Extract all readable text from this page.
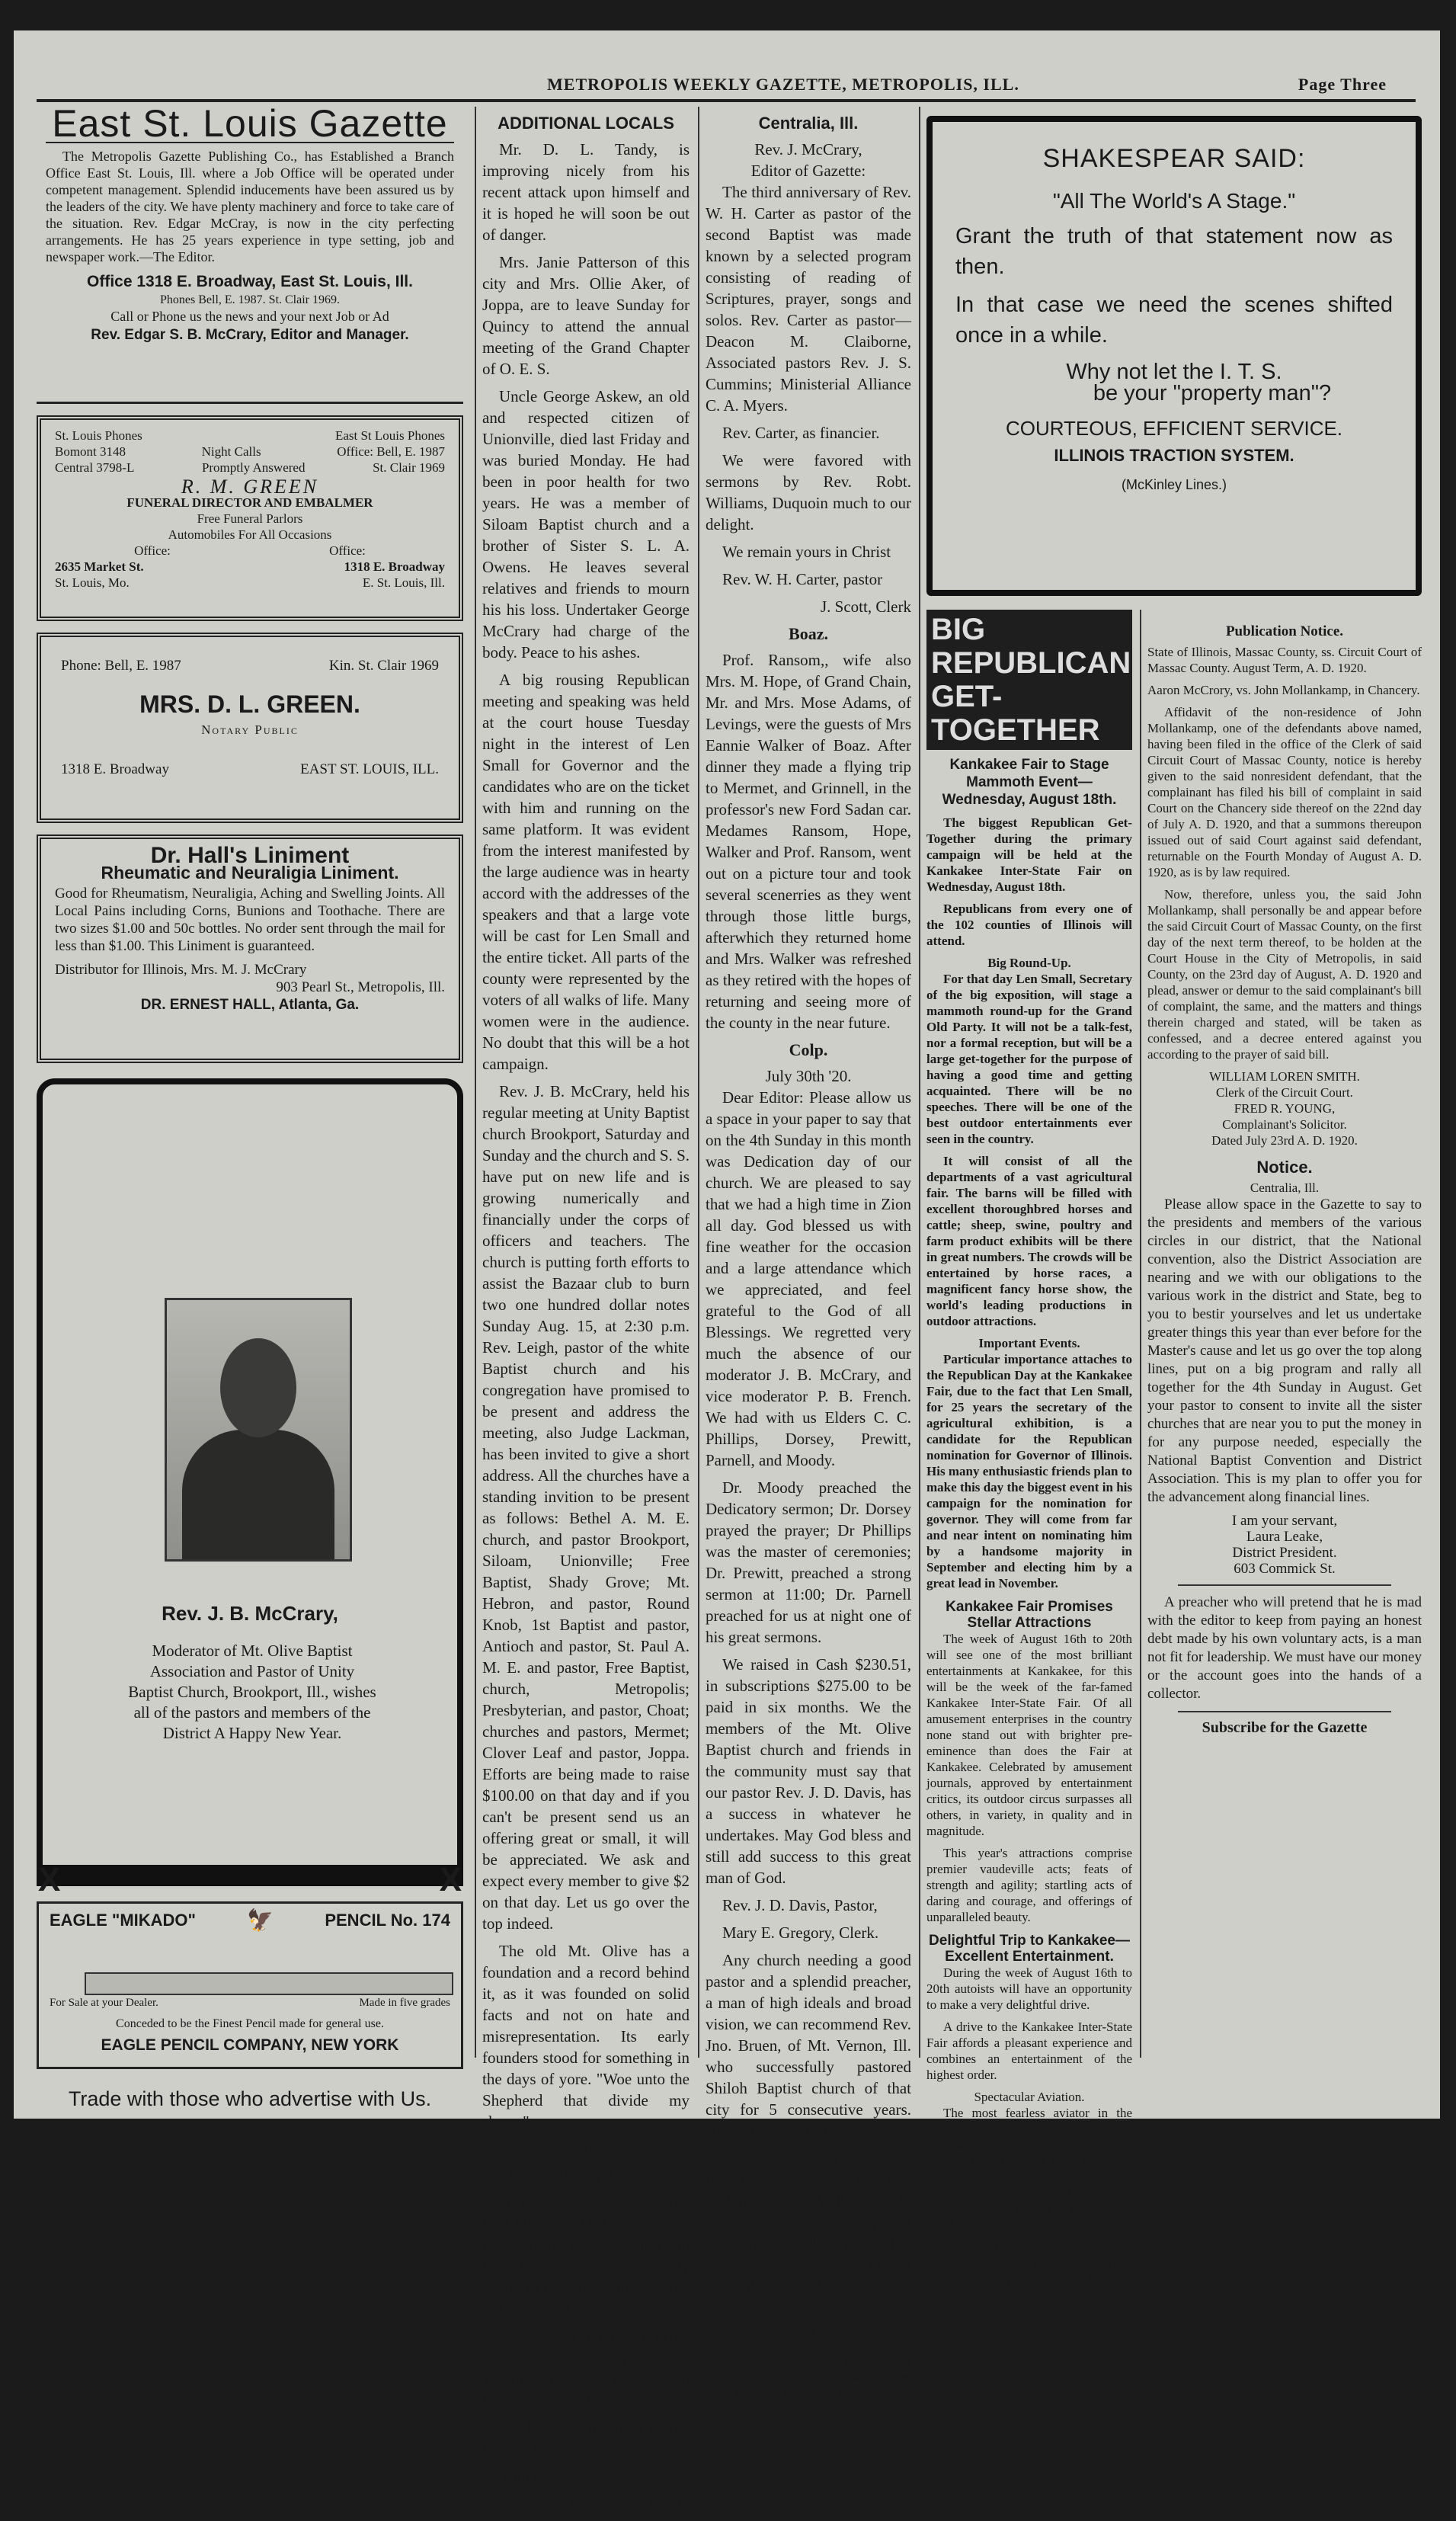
METROPOLIS WEEKLY GAZETTE, METROPOLIS, ILL.	Page Three
East St. Louis Gazette

The Metropolis Gazette Publishing Co., has Established a Branch Office East St. Louis, Ill. where a Job Office will be operated under competent management. Splendid inducements have been assured us by the leaders of the city. We have plenty machinery and force to take care of the situation. Rev. Edgar McCray, is now in the city perfecting arrangements. He has 25 years experience in type setting, job and newspaper work.—The Editor.

Office 1318 E. Broadway, East St. Louis, Ill.
Phones Bell, E. 1987. St. Clair 1969.
Call or Phone us the news and your next Job or Ad
Rev. Edgar S. B. McCrary, Editor and Manager.
St. Louis Phones	East St Louis Phones
Bomont 3148	Night Calls	Office: Bell, E. 1987
Central 3798-L	Promptly Answered	St. Clair 1969
R. M. GREEN
FUNERAL DIRECTOR AND EMBALMER
Free Funeral Parlors
Automobiles For All Occasions
Office:	Office:
2635 Market St.	1318 E. Broadway
St. Louis, Mo.	E. St. Louis, Ill.
Phone: Bell, E. 1987	Kin. St. Clair 1969
MRS. D. L. GREEN.
Notary Public
1318 E. Broadway	EAST ST. LOUIS, ILL.
Dr. Hall's Liniment
Rheumatic and Neuraligia Liniment.

Good for Rheumatism, Neuraligia, Aching and Swelling Joints. All Local Pains including Corns, Bunions and Toothache. There are two sizes $1.00 and 50c bottles. No order sent through the mail for less than $1.00. This Liniment is guaranteed.

Distributor for Illinois, Mrs. M. J. McCrary
903 Pearl St., Metropolis, Ill.
DR. ERNEST HALL, Atlanta, Ga.
Rev. J. B. McCrary,
Moderator of Mt. Olive Baptist Association and Pastor of Unity Baptist Church, Brookport, Ill., wishes all of the pastors and members of the District A Happy New Year.
X	X
EAGLE "MIKADO" 🦅	PENCIL No. 174
For Sale at your Dealer.	Made in five grades
Conceded to be the Finest Pencil made for general use.
EAGLE PENCIL COMPANY, NEW YORK
Trade with those who advertise with Us.
ADDITIONAL LOCALS

Mr. D. L. Tandy, is improving nicely from his recent attack upon himself and it is hoped he will soon be out of danger.

Mrs. Janie Patterson of this city and Mrs. Ollie Aker, of Joppa, are to leave Sunday for Quincy to attend the annual meeting of the Grand Chapter of O. E. S.

Uncle George Askew, an old and respected citizen of Unionville, died last Friday and was buried Monday. He had been in poor health for two years. He was a member of Siloam Baptist church and a brother of Sister S. L. A. Owens. He leaves several relatives and friends to mourn his his loss. Undertaker George McCrary had charge of the body. Peace to his ashes.

A big rousing Republican meeting and speaking was held at the court house Tuesday night in the interest of Len Small for Governor and the candidates who are on the ticket with him and running on the same platform. It was evident from the interest manifested by the large audience was in hearty accord with the addresses of the speakers and that a large vote will be cast for Len Small and the entire ticket. All parts of the county were represented by the voters of all walks of life. Many women were in the audience. No doubt that this will be a hot campaign.

Rev. J. B. McCrary, held his regular meeting at Unity Baptist church Brookport, Saturday and Sunday and the church and S. S. have put on new life and is growing numerically and financially under the corps of officers and teachers. The church is putting forth efforts to assist the Bazaar club to burn two one hundred dollar notes Sunday Aug. 15, at 2:30 p.m. Rev. Leigh, pastor of the white Baptist church and his congregation have promised to be present and address the meeting, also Judge Lackman, has been invited to give a short address. All the churches have a standing invition to be present as follows: Bethel A. M. E. church, and pastor Brookport, Siloam, Unionville; Free Baptist, Shady Grove; Mt. Hebron, and pastor, Round Knob, 1st Baptist and pastor, Antioch and pastor, St. Paul A. M. E. and pastor, Free Baptist, church, Metropolis; Presbyterian, and pastor, Choat; churches and pastors, Mermet; Clover Leaf and pastor, Joppa. Efforts are being made to raise $100.00 on that day and if you can't be present send us an offering great or small, it will be appreciated. We ask and expect every member to give $2 on that day. Let us go over the top indeed.

The old Mt. Olive has a foundation and a record behind it, as it was founded on solid facts and not on hate and misrepresentation. Its early founders stood for something in the days of yore. "Woe unto the Shepherd that divide my sheep."

Notice

Marion, Ill. July 17, '20.

To the various circles of the East Mt. Olive Dist. Association I am writing this to remind you that the association is only about 14 days off, convenes the 3rd of August.

I ask each circle to bring something for all departments. We hope they are prepared to bring their $5.00.

We hope by the help of the Lord to have a great meeting.

Your humble servant,

Mrs. Mattie North.

Centralia, Ill.
Rev. J. McCrary,
Editor of Gazette:

The third anniversary of Rev. W. H. Carter as pastor of the second Baptist was made known by a selected program consisting of reading of Scriptures, prayer, songs and solos. Rev. Carter as pastor—Deacon M. Claiborne, Associated pastors Rev. J. S. Cummins; Ministerial Alliance C. A. Myers.

Rev. Carter, as financier.

We were favored with sermons by Rev. Robt. Williams, Duquoin much to our delight.

We remain yours in Christ

Rev. W. H. Carter, pastor

J. Scott, Clerk

Boaz.

Prof. Ransom,, wife also Mrs. M. Hope, of Grand Chain, Mr. and Mrs. Mose Adams, of Levings, were the guests of Mrs Eannie Walker of Boaz. After dinner they made a flying trip to Mermet, and Grinnell, in the professor's new Ford Sadan car. Medames Ransom, Hope, Walker and Prof. Ransom, went out on a picture tour and took several scenerries as they went through those little burgs, afterwhich they returned home and Mrs. Walker was refreshed as they retired with the hopes of returning and seeing more of the county in the near future.

Colp.
July 30th '20.

Dear Editor: Please allow us a space in your paper to say that on the 4th Sunday in this month was Dedication day of our church. We are pleased to say that we had a high time in Zion all day. God blessed us with fine weather for the occasion and a large attendance which we appreciated, and feel grateful to the God of all Blessings. We regretted very much the absence of our moderator J. B. McCrary, and vice moderator P. B. French. We had with us Elders C. C. Phillips, Dorsey, Prewitt, Parnell, and Moody.

Dr. Moody preached the Dedicatory sermon; Dr. Dorsey prayed the prayer; Dr Phillips was the master of ceremonies; Dr. Prewitt, preached a strong sermon at 11:00; Dr. Parnell preached for us at night one of his great sermons.

We raised in Cash $230.51, in subscriptions $275.00 to be paid in six months. We the members of the Mt. Olive Baptist church and friends in the community must say that our pastor Rev. J. D. Davis, has a success in whatever he undertakes. May God bless and still add success to this great man of God.

Rev. J. D. Davis, Pastor,

Mary E. Gregory, Clerk.

Any church needing a good pastor and a splendid preacher, a man of high ideals and broad vision, we can recommend Rev. Jno. Bruen, of Mt. Vernon, Ill. who successfully pastored Shiloh Baptist church of that city for 5 consecutive years. His address is 1011 Herbert, St.

We want to put The Gazette into every home in the city within 30 days. Will you help us neighbor? Special inducements will be given. Let every reader help us to get subscribers. Build up your Race Enterprise.

Quite True.

"I have to face the fact," mused the fashionable photographer, as he looked over some recent pictures, "that there are some very ugly features in this business."

SHAKESPEAR SAID:
"All The World's A Stage."
Grant the truth of that statement now as then.
In that case we need the scenes shifted once in a while.
Why not let the I. T. S.
be your "property man"?
COURTEOUS, EFFICIENT SERVICE.
ILLINOIS TRACTION SYSTEM.
(McKinley Lines.)
BIG REPUBLICAN GET-TOGETHER
Kankakee Fair to Stage Mammoth Event—Wednesday, August 18th.

The biggest Republican Get-Together during the primary campaign will be held at the Kankakee Inter-State Fair on Wednesday, August 18th.

Republicans from every one of the 102 counties of Illinois will attend.

Big Round-Up.

For that day Len Small, Secretary of the big exposition, will stage a mammoth round-up for the Grand Old Party. It will not be a talk-fest, nor a formal reception, but will be a large get-together for the purpose of having a good time and getting acquainted. There will be no speeches. There will be one of the best outdoor entertainments ever seen in the country.

It will consist of all the departments of a vast agricultural fair. The barns will be filled with excellent thoroughbred horses and cattle; sheep, swine, poultry and farm product exhibits will be there in great numbers. The crowds will be entertained by horse races, a magnificent fancy horse show, the world's leading productions in outdoor attractions.

Important Events.

Particular importance attaches to the Republican Day at the Kankakee Fair, due to the fact that Len Small, for 25 years the secretary of the agricultural exhibition, is a candidate for the Republican nomination for Governor of Illinois. His many enthusiastic friends plan to make this day the biggest event in his campaign for the nomination for governor. They will come from far and near intent on nominating him by a handsome majority in September and electing him by a great lead in November.

Kankakee Fair Promises Stellar Attractions

The week of August 16th to 20th will see one of the most brilliant entertainments at Kankakee, for this will be the week of the far-famed Kankakee Inter-State Fair. Of all amusement enterprises in the country none stand out with brighter pre-eminence than does the Fair at Kankakee. Celebrated by amusement journals, approved by entertainment critics, its outdoor circus surpasses all others, in variety, in quality and in magnitude.

This year's attractions comprise premier vaudeville acts; feats of strength and agility; startling acts of daring and courage, and offerings of unparalleled beauty.

Delightful Trip to Kankakee—Excellent Entertainment.

During the week of August 16th to 20th autoists will have an opportunity to make a very delightful drive.

A drive to the Kankakee Inter-State Fair affords a pleasant experience and combines an entertainment of the highest order.

Spectacular Aviation.

The most fearless aviator in the world—Al Wilson—will fly at the Kankakee Inter-State Fair three days, August 17th, 18th and 19th. He jumps from one airplane to another while both are speeding through the air. This he does without the aid of rope, ladder or other apparatus.

Leading Fair.

The Kankakee Fair, the peerless agricultural exposition, will be held August 16th to 20th.

Publication Notice.

State of Illinois, Massac County, ss. Circuit Court of Massac County. August Term, A. D. 1920.

Aaron McCrory, vs. John Mollankamp, in Chancery.

Affidavit of the non-residence of John Mollankamp, one of the defendants above named, having been filed in the office of the Clerk of said Circuit Court of Massac County, notice is hereby given to the said nonresident defendant, that the complainant has filed his bill of complaint in said Court on the Chancery side thereof on the 22nd day of July A. D. 1920, and that a summons thereupon issued out of said Court against said defendant, returnable on the Fourth Monday of August A. D. 1920, as is by law required.

Now, therefore, unless you, the said John Mollankamp, shall personally be and appear before the said Circuit Court of Massac County, on the first day of the next term thereof, to be holden at the Court House in the City of Metropolis, in said County, on the 23rd day of August, A. D. 1920 and plead, answer or demur to the said complainant's bill of complaint, the same, and the matters and things therein charged and stated, will be taken as confessed, and a decree entered against you according to the prayer of said bill.

WILLIAM LOREN SMITH.
Clerk of the Circuit Court.
FRED R. YOUNG,
Complainant's Solicitor.
Dated July 23rd A. D. 1920.
Notice.
Centralia, Ill.

Please allow space in the Gazette to say to the presidents and members of the various circles in our district, that the National convention, also the District Association are nearing and we with our obligations to the various work in the district and State, beg to you to bestir yourselves and let us undertake greater things this year than ever before for the Master's cause and let us go over the top along lines, put on a big program and rally all together for the 4th Sunday in August. Get your pastor to consent to invite all the sister churches that are near you to put the money in for any purpose needed, especially the National Baptist Convention and District Association. This is my plan to offer you for the advancement along financial lines.

I am your servant,
Laura Leake,
District President.
603 Commick St.

A preacher who will pretend that he is mad with the editor to keep from paying an honest debt made by his own voluntary acts, is a man not fit for leadership. We must have our money or the account goes into the hands of a collector.

Subscribe for the Gazette
